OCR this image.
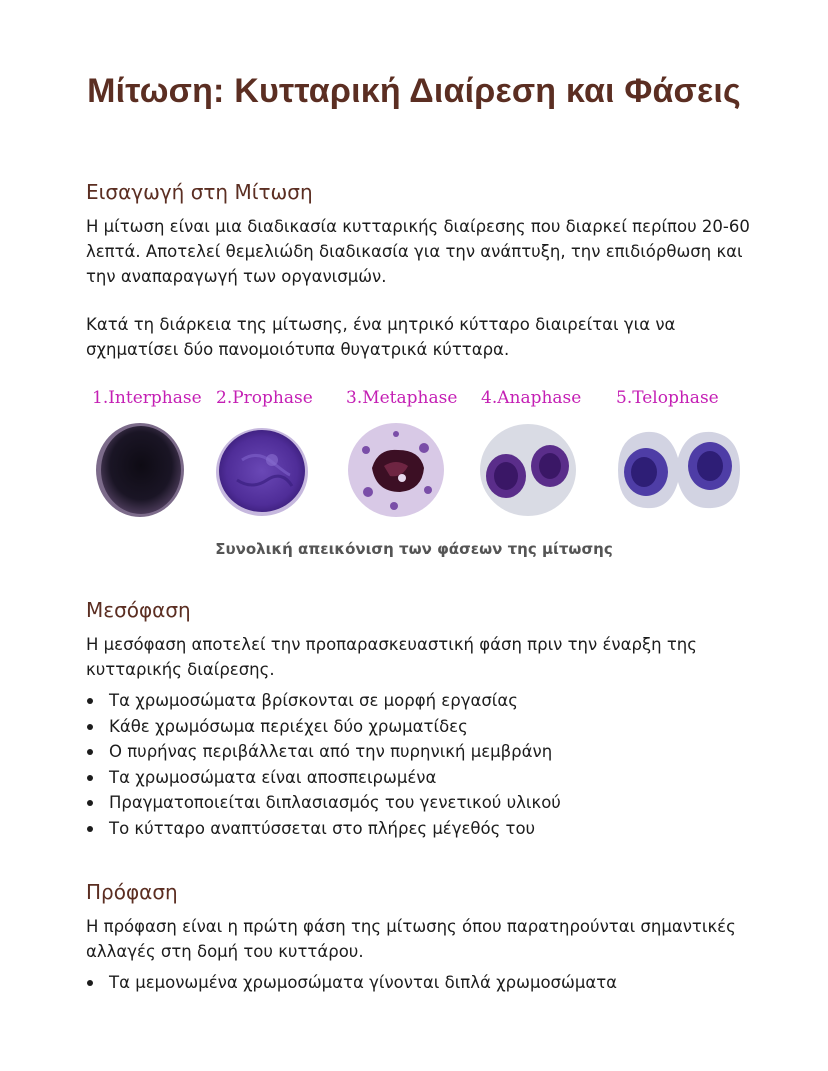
Μίτωση: Κυτταρική Διαίρεση και Φάσεις
Εισαγωγή στη Μίτωση
Η μίτωση είναι μια διαδικασία κυτταρικής διαίρεσης που διαρκεί περίπου 20-60
λεπτά. Αποτελεί θεμελιώδη διαδικασία για την ανάπτυξη, την επιδιόρθωση και
την αναπαραγωγή των οργανισμών.
Κατά τη διάρκεια της μίτωσης, ένα μητρικό κύτταρο διαιρείται για να
σχηματίσει δύο πανομοιότυπα θυγατρικά κύτταρα.
1.Interphase 2.Prophase 3.Metaphase 4.Anaphase 5.Telophase
Συνολική απεικόνιση των φάσεων της μίτωσης
Μεσόφαση
Η μεσόφαση αποτελεί την προπαρασκευαστική φάση πριν την έναρξη της
κυτταρικής διαίρεσης.
Τα χρωμοσώματα βρίσκονται σε μορφή εργασίας
Κάθε χρωμόσωμα περιέχει δύο χρωματίδες
Ο πυρήνας περιβάλλεται από την πυρηνική μεμβράνη
Τα χρωμοσώματα είναι αποσπειρωμένα
Πραγματοποιείται διπλασιασμός του γενετικού υλικού
Το κύτταρο αναπτύσσεται στο πλήρες μέγεθός του
Πρόφαση
Η πρόφαση είναι η πρώτη φάση της μίτωσης όπου παρατηρούνται σημαντικές
αλλαγές στη δομή του κυττάρου.
Τα μεμονωμένα χρωμοσώματα γίνονται διπλά χρωμοσώματα
